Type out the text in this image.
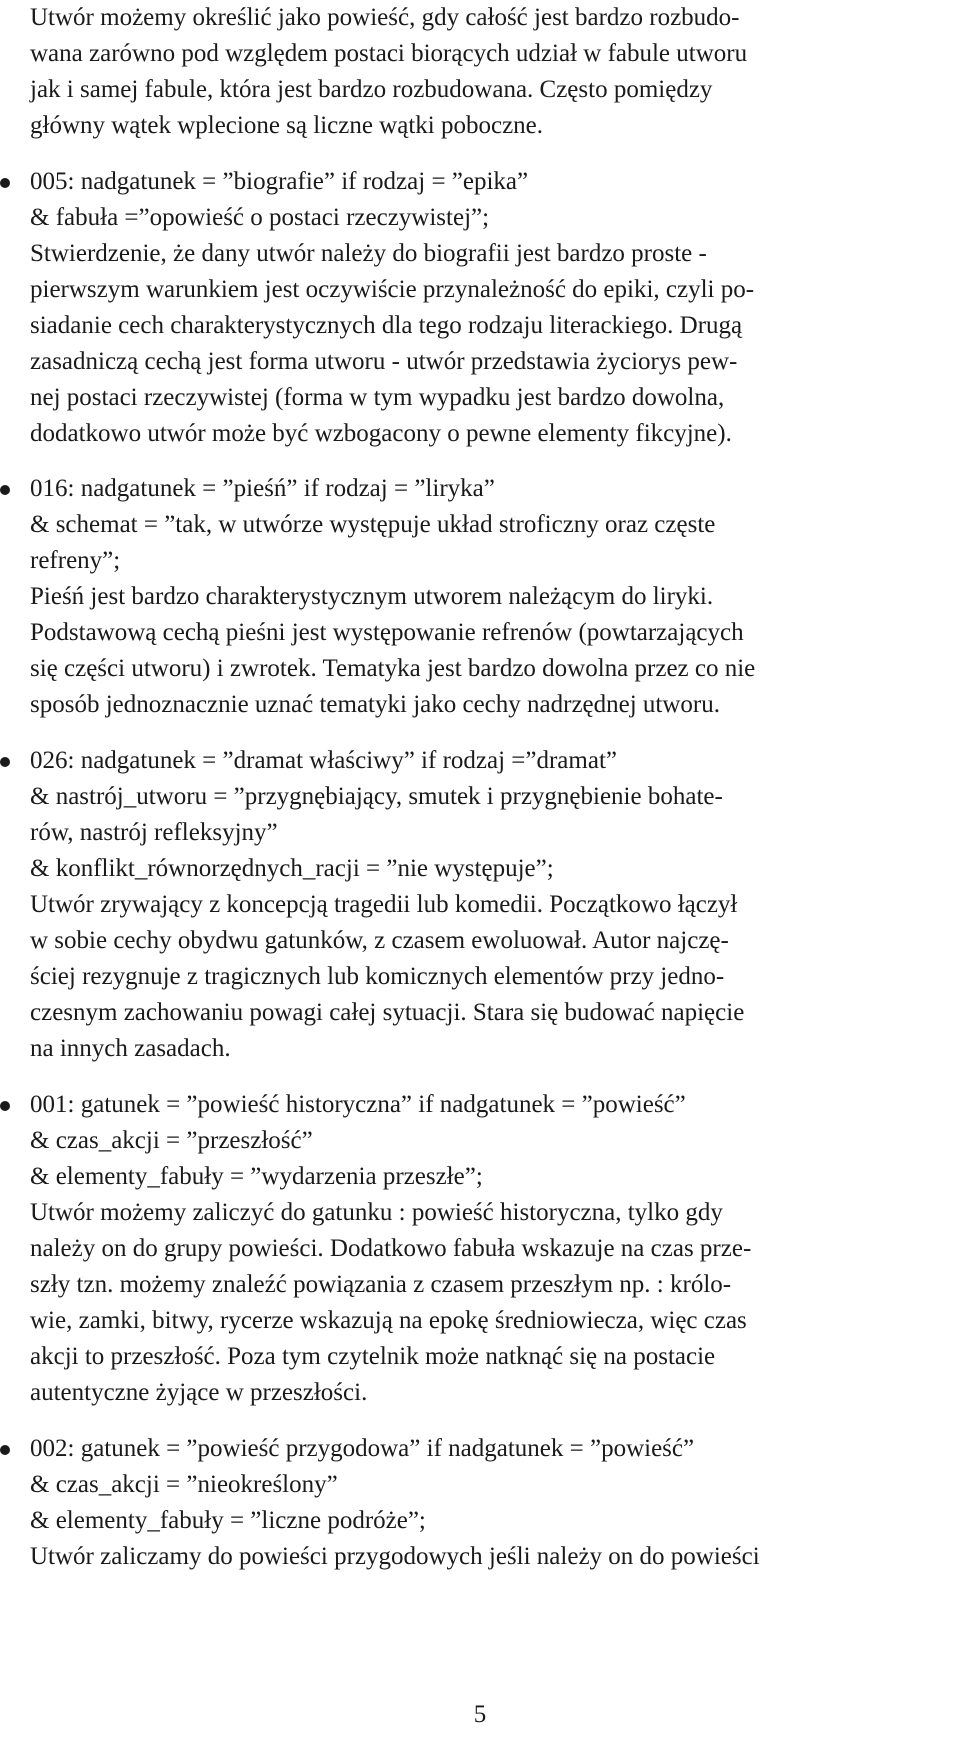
Utwór możemy określić jako powieść, gdy całość jest bardzo rozbudo-
wana zarówno pod względem postaci biorących udział w fabule utworu
jak i samej fabule, która jest bardzo rozbudowana. Często pomiędzy
główny wątek wplecione są liczne wątki poboczne.
005: nadgatunek = ”biografie” if rodzaj = ”epika”
& fabuła =”opowieść o postaci rzeczywistej”;
Stwierdzenie, że dany utwór należy do biografii jest bardzo proste -
pierwszym warunkiem jest oczywiście przynależność do epiki, czyli po-
siadanie cech charakterystycznych dla tego rodzaju literackiego. Drugą
zasadniczą cechą jest forma utworu - utwór przedstawia życiorys pew-
nej postaci rzeczywistej (forma w tym wypadku jest bardzo dowolna,
dodatkowo utwór może być wzbogacony o pewne elementy fikcyjne).
016: nadgatunek = ”pieśń” if rodzaj = ”liryka”
& schemat = ”tak, w utwórze występuje układ stroficzny oraz częste
refreny”;
Pieśń jest bardzo charakterystycznym utworem należącym do liryki.
Podstawową cechą pieśni jest występowanie refrenów (powtarzających
się części utworu) i zwrotek. Tematyka jest bardzo dowolna przez co nie
sposób jednoznacznie uznać tematyki jako cechy nadrzędnej utworu.
026: nadgatunek = ”dramat właściwy” if rodzaj =”dramat”
& nastrój_utworu = ”przygnębiający, smutek i przygnębienie bohate-
rów, nastrój refleksyjny”
& konflikt_równorzędnych_racji = ”nie występuje”;
Utwór zrywający z koncepcją tragedii lub komedii. Początkowo łączył
w sobie cechy obydwu gatunków, z czasem ewoluował. Autor najczę-
ściej rezygnuje z tragicznych lub komicznych elementów przy jedno-
czesnym zachowaniu powagi całej sytuacji. Stara się budować napięcie
na innych zasadach.
001: gatunek = ”powieść historyczna” if nadgatunek = ”powieść”
& czas_akcji = ”przeszłość”
& elementy_fabuły = ”wydarzenia przeszłe”;
Utwór możemy zaliczyć do gatunku : powieść historyczna, tylko gdy
należy on do grupy powieści. Dodatkowo fabuła wskazuje na czas prze-
szły tzn. możemy znaleźć powiązania z czasem przeszłym np. : królo-
wie, zamki, bitwy, rycerze wskazują na epokę średniowiecza, więc czas
akcji to przeszłość. Poza tym czytelnik może natknąć się na postacie
autentyczne żyjące w przeszłości.
002: gatunek = ”powieść przygodowa” if nadgatunek = ”powieść”
& czas_akcji = ”nieokreślony”
& elementy_fabuły = ”liczne podróże”;
Utwór zaliczamy do powieści przygodowych jeśli należy on do powieści
5
